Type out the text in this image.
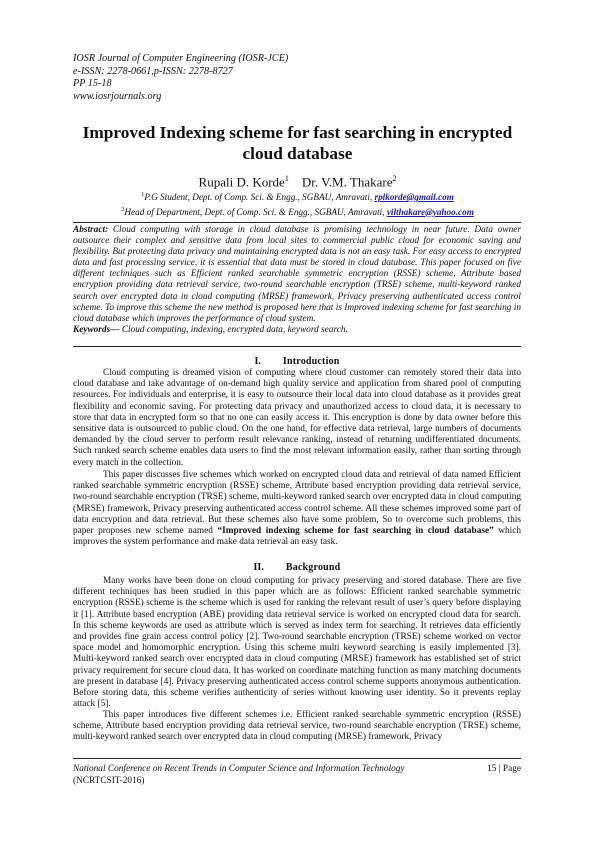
IOSR Journal of Computer Engineering (IOSR-JCE)
e-ISSN: 2278-0661,p-ISSN: 2278-8727
PP 15-18
www.iosrjournals.org
Improved Indexing scheme for fast searching in encrypted
cloud database
Rupali D. Korde$^1$ Dr. V.M. Thakare$^2$
$^1$P.G Student, Dept. of Comp. Sci. & Engg., SGBAU, Amravati, rplkorde@gmail.com
$^2$Head of Department, Dept. of Comp. Sci. & Engg., SGBAU, Amravati, vilthakare@yahoo.com
Abstract: Cloud computing with storage in cloud database is promising technology in near future. Data owner outsource their complex and sensitive data from local sites to commercial public cloud for economic saving and flexibility. But protecting data privacy and maintaining encrypted data is not an easy task. For easy access to encrypted data and fast processing service, it is essential that data must be stored in cloud database. This paper focused on five different techniques such as Efficient ranked searchable symmetric encryption (RSSE) scheme, Attribute based encryption providing data retrieval service, two-round searchable encryption (TRSE) scheme, multi-keyword ranked search over encrypted data in cloud computing (MRSE) framework, Privacy preserving authenticated access control scheme. To improve this scheme the new method is proposed here that is Improved indexing scheme for fast searching in cloud database which improves the performance of cloud system.
Keywords— Cloud computing, indexing, encrypted data, keyword search.
I. Introduction
Cloud computing is dreamed vision of computing where cloud customer can remotely stored their data into cloud database and take advantage of on-demand high quality service and application from shared pool of computing resources. For individuals and enterprise, it is easy to outsource their local data into cloud database as it provides great flexibility and economic saving. For protecting data privacy and unauthorized access to cloud data, it is necessary to store that data in encrypted form so that no one can easily access it. This encryption is done by data owner before this sensitive data is outsourced to public cloud. On the one hand, for effective data retrieval, large numbers of documents demanded by the cloud server to perform result relevance ranking, instead of returning undifferentiated documents. Such ranked search scheme enables data users to find the most relevant information easily, rather than sorting through every match in the collection.
This paper discusses five schemes which worked on encrypted cloud data and retrieval of data named Efficient ranked searchable symmetric encryption (RSSE) scheme, Attribute based encryption providing data retrieval service, two-round searchable encryption (TRSE) scheme, multi-keyword ranked search over encrypted data in cloud computing (MRSE) framework, Privacy preserving authenticated access control scheme. All these schemes improved some part of data encryption and data retrieval. But these schemes also have some problem, So to overcome such problems, this paper proposes new scheme named “Improved indexing scheme for fast searching in cloud database” which improves the system performance and make data retrieval an easy task.
II. Background
Many works have been done on cloud computing for privacy preserving and stored database. There are five different techniques has been studied in this paper which are as follows: Efficient ranked searchable symmetric encryption (RSSE) scheme is the scheme which is used for ranking the relevant result of user’s query before displaying it [1]. Attribute based encryption (ABE) providing data retrieval service is worked on encrypted cloud data for search. In this scheme keywords are used as attribute which is served as index term for searching. It retrieves data efficiently and provides fine grain access control policy [2]. Two-round searchable encryption (TRSE) scheme worked on vector space model and homomorphic encryption. Using this scheme multi keyword searching is easily implemented [3]. Multi-keyword ranked search over encrypted data in cloud computing (MRSE) framework has established set of strict privacy requirement for secure cloud data. It has worked on coordinate matching function as many matching documents are present in database [4]. Privacy preserving authenticated access control scheme supports anonymous authentication. Before storing data, this scheme verifies authenticity of series without knowing user identity. So it prevents replay attack [5].
This paper introduces five different schemes i.e. Efficient ranked searchable symmetric encryption (RSSE) scheme, Attribute based encryption providing data retrieval service, two-round searchable encryption (TRSE) scheme, multi-keyword ranked search over encrypted data in cloud computing (MRSE) framework, Privacy
National Conference on Recent Trends in Computer Science and Information Technology
(NCRTCSIT-2016)
15 | Page
